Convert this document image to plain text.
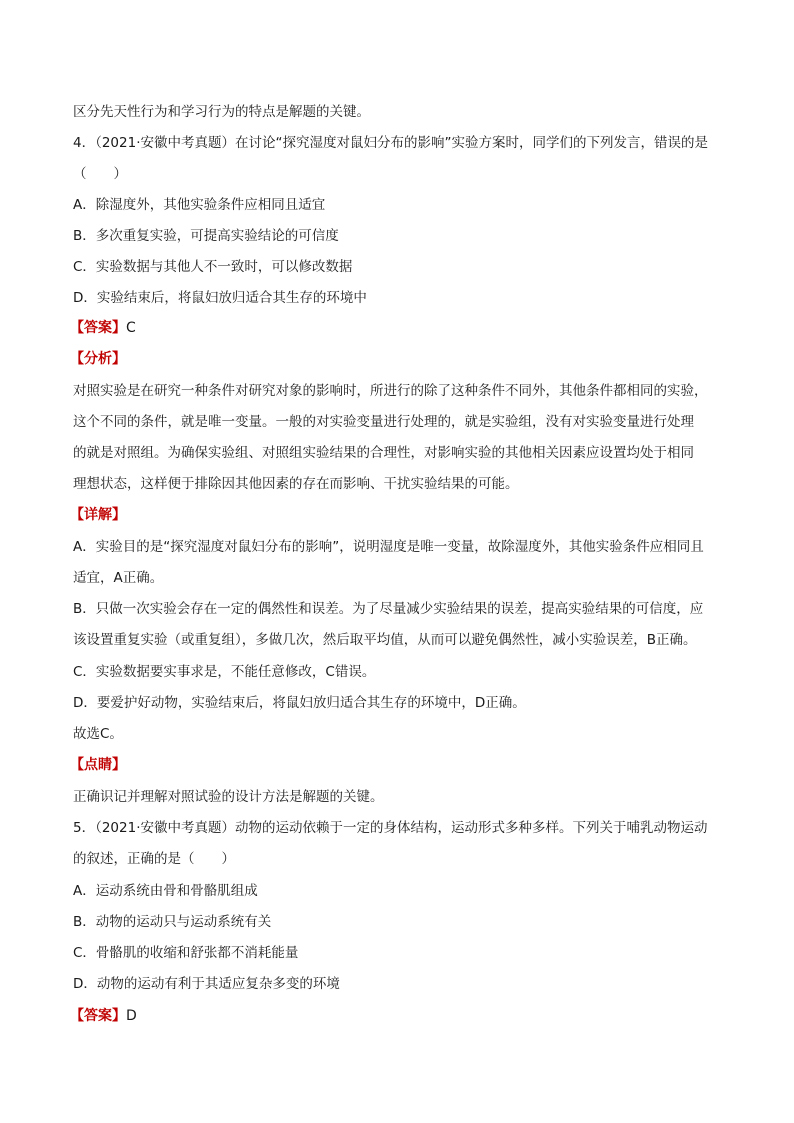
区分先天性行为和学习行为的特点是解题的关键。
4．（2021·安徽中考真题）在讨论“探究湿度对鼠妇分布的影响”实验方案时，同学们的下列发言，错误的是
（　　）
A．除湿度外，其他实验条件应相同且适宜
B．多次重复实验，可提高实验结论的可信度
C．实验数据与其他人不一致时，可以修改数据
D．实验结束后，将鼠妇放归适合其生存的环境中
【答案】C
【分析】
对照实验是在研究一种条件对研究对象的影响时，所进行的除了这种条件不同外，其他条件都相同的实验，
这个不同的条件，就是唯一变量。一般的对实验变量进行处理的，就是实验组，没有对实验变量进行处理
的就是对照组。为确保实验组、对照组实验结果的合理性，对影响实验的其他相关因素应设置均处于相同
理想状态，这样便于排除因其他因素的存在而影响、干扰实验结果的可能。
【详解】
A．实验目的是“探究湿度对鼠妇分布的影响”，说明湿度是唯一变量，故除湿度外，其他实验条件应相同且
适宜，A正确。
B．只做一次实验会存在一定的偶然性和误差。为了尽量减少实验结果的误差，提高实验结果的可信度，应
该设置重复实验（或重复组），多做几次，然后取平均值，从而可以避免偶然性，减小实验误差，B正确。
C．实验数据要实事求是，不能任意修改，C错误。
D．要爱护好动物，实验结束后，将鼠妇放归适合其生存的环境中，D正确。
故选C。
【点睛】
正确识记并理解对照试验的设计方法是解题的关键。
5．（2021·安徽中考真题）动物的运动依赖于一定的身体结构，运动形式多种多样。下列关于哺乳动物运动
的叙述，正确的是（　　）
A．运动系统由骨和骨骼肌组成
B．动物的运动只与运动系统有关
C．骨骼肌的收缩和舒张都不消耗能量
D．动物的运动有利于其适应复杂多变的环境
【答案】D
